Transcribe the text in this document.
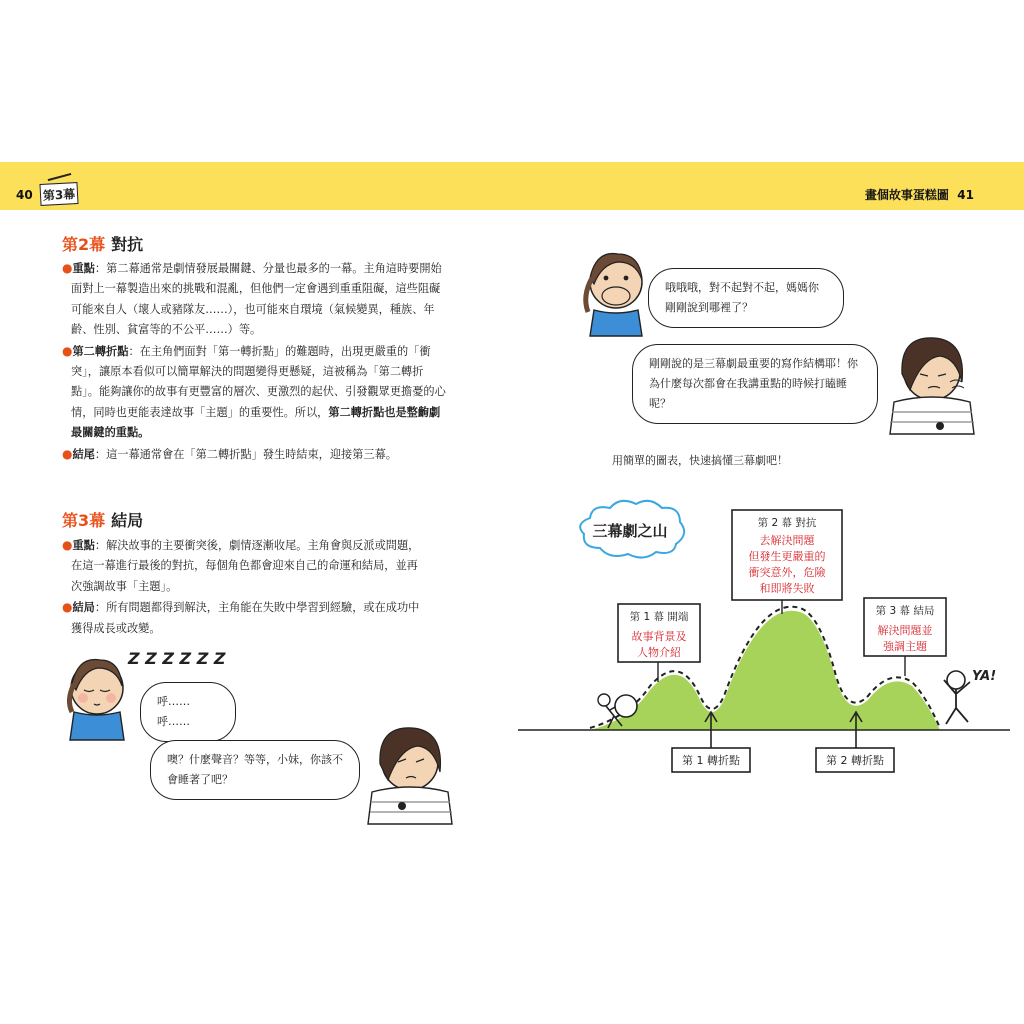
40 第3幕	畫個故事蛋糕圖 41
第2幕 對抗

●重點：第二幕通常是劇情發展最關鍵、分量也最多的一幕。主角這時要開始面對上一幕製造出來的挑戰和混亂，但他們一定會遇到重重阻礙，這些阻礙可能來自人（壞人或豬隊友……），也可能來自環境（氣候變異，種族、年齡、性別、貧富等的不公平……）等。

●第二轉折點：在主角們面對「第一轉折點」的難題時，出現更嚴重的「衝突」，讓原本看似可以簡單解決的問題變得更懸疑，這被稱為「第二轉折點」。能夠讓你的故事有更豐富的層次、更激烈的起伏、引發觀眾更擔憂的心情，同時也更能表達故事「主題」的重要性。所以，第二轉折點也是整齣劇最關鍵的重點。

●結尾：這一幕通常會在「第二轉折點」發生時結束，迎接第三幕。

第3幕 結局

●重點：解決故事的主要衝突後，劇情逐漸收尾。主角會與反派或問題，在這一幕進行最後的對抗，每個角色都會迎來自己的命運和結局，並再次強調故事「主題」。

●結局：所有問題都得到解決，主角能在失敗中學習到經驗，或在成功中獲得成長或改變。

Z Z Z Z Z Z
三幕劇之山
第 1 幕 開端
故事背景及
人物介紹
第 2 幕 對抗
去解決問題
但發生更嚴重的
衝突意外，危險
和即將失敗
第 3 幕 結局
解決問題並
強調主題
第 1 轉折點	第 2 轉折點
YA!
呼……呼……
噢？什麼聲音？等等，小妹，你該不會睡著了吧？
哦哦哦，對不起對不起，媽媽你剛剛說到哪裡了？
剛剛說的是三幕劇最重要的寫作結構耶！你為什麼每次都會在我講重點的時候打瞌睡呢？
用簡單的圖表，快速搞懂三幕劇吧！
